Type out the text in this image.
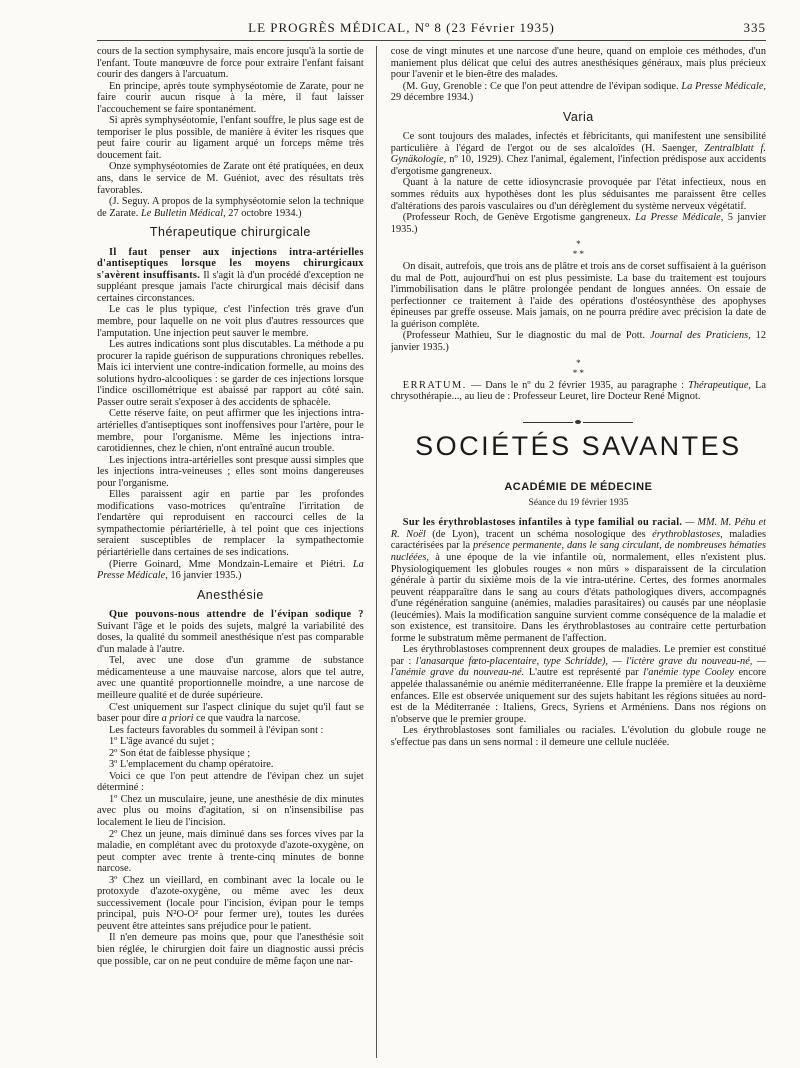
LE PROGRÈS MÉDICAL, Nº 8 (23 Février 1935)	335

cours de la section symphysaire, mais encore jusqu'à la sortie de l'enfant. Toute manœuvre de force pour extraire l'enfant faisant courir des dangers à l'arcuatum.

En principe, après toute symphyséotomie de Zarate, pour ne faire courir aucun risque à la mère, il faut laisser l'accouchement se faire spontanément.

Si après symphyséotomie, l'enfant souffre, le plus sage est de temporiser le plus possible, de manière à éviter les risques que peut faire courir au ligament arqué un forceps même très doucement fait.

Onze symphyséotomies de Zarate ont été pratiquées, en deux ans, dans le service de M. Guéniot, avec des résultats très favorables.

(J. Seguy. A propos de la symphyséotomie selon la technique de Zarate. Le Bulletin Médical, 27 octobre 1934.)

Thérapeutique chirurgicale

Il faut penser aux injections intra-artérielles d'antiseptiques lorsque les moyens chirurgicaux s'avèrent insuffisants. Il s'agit là d'un procédé d'exception ne suppléant presque jamais l'acte chirurgical mais décisif dans certaines circonstances.

Le cas le plus typique, c'est l'infection très grave d'un membre, pour laquelle on ne voit plus d'autres ressources que l'amputation. Une injection peut sauver le membre.

Les autres indications sont plus discutables. La méthode a pu procurer la rapide guérison de suppurations chroniques rebelles. Mais ici intervient une contre-indication formelle, au moins des solutions hydro-alcooliques : se garder de ces injections lorsque l'indice oscillométrique est abaissé par rapport au côté sain. Passer outre serait s'exposer à des accidents de sphacèle.

Cette réserve faite, on peut affirmer que les injections intra-artérielles d'antiseptiques sont inoffensives pour l'artère, pour le membre, pour l'organisme. Même les injections intra-carotidiennes, chez le chien, n'ont entraîné aucun trouble.

Les injections intra-artérielles sont presque aussi simples que les injections intra-veineuses ; elles sont moins dangereuses pour l'organisme.

Elles paraissent agir en partie par les profondes modifications vaso-motrices qu'entraîne l'irritation de l'endartère qui reproduisent en raccourci celles de la sympathectomie périartérielle, à tel point que ces injections seraient susceptibles de remplacer la sympathectomie périartérielle dans certaines de ses indications.

(Pierre Goinard, Mme Mondzain-Lemaire et Piétri. La Presse Médicale, 16 janvier 1935.)

Anesthésie

Que pouvons-nous attendre de l'évipan sodique ? Suivant l'âge et le poids des sujets, malgré la variabilité des doses, la qualité du sommeil anesthésique n'est pas comparable d'un malade à l'autre.

Tel, avec une dose d'un gramme de substance médicamenteuse a une mauvaise narcose, alors que tel autre, avec une quantité proportionnelle moindre, a une narcose de meilleure qualité et de durée supérieure.

C'est uniquement sur l'aspect clinique du sujet qu'il faut se baser pour dire a priori ce que vaudra la narcose.

Les facteurs favorables du sommeil à l'évipan sont :

1º L'âge avancé du sujet ;

2º Son état de faiblesse physique ;

3º L'emplacement du champ opératoire.

Voici ce que l'on peut attendre de l'évipan chez un sujet déterminé :

1º Chez un musculaire, jeune, une anesthésie de dix minutes avec plus ou moins d'agitation, si on n'insensibilise pas localement le lieu de l'incision.

2º Chez un jeune, mais diminué dans ses forces vives par la maladie, en complétant avec du protoxyde d'azote-oxygène, on peut compter avec trente à trente-cinq minutes de bonne narcose.

3º Chez un vieillard, en combinant avec la locale ou le protoxyde d'azote-oxygène, ou même avec les deux successivement (locale pour l'incision, évipan pour le temps principal, puis N²O-O² pour fermer ure), toutes les durées peuvent être atteintes sans préjudice pour le patient.

Il n'en demeure pas moins que, pour que l'anesthésie soit bien réglée, le chirurgien doit faire un diagnostic aussi précis que possible, car on ne peut conduire de même façon une nar-

cose de vingt minutes et une narcose d'une heure, quand on emploie ces méthodes, d'un maniement plus délicat que celui des autres anesthésiques généraux, mais plus précieux pour l'avenir et le bien-être des malades.

(M. Guy, Grenoble : Ce que l'on peut attendre de l'évipan sodique. La Presse Médicale, 29 décembre 1934.)

Varia

Ce sont toujours des malades, infectés et fébricitants, qui manifestent une sensibilité particulière à l'égard de l'ergot ou de ses alcaloïdes (H. Saenger, Zentralblatt f. Gynäkologie, nº 10, 1929). Chez l'animal, également, l'infection prédispose aux accidents d'ergotisme gangreneux.

Quant à la nature de cette idiosyncrasie provoquée par l'état infectieux, nous en sommes réduits aux hypothèses dont les plus séduisantes me paraissent être celles d'altérations des parois vasculaires ou d'un dérèglement du système nerveux végétatif.

(Professeur Roch, de Genève Ergotisme gangreneux. La Presse Médicale, 5 janvier 1935.)

*
* *

On disait, autrefois, que trois ans de plâtre et trois ans de corset suffisaient à la guérison du mal de Pott, aujourd'hui on est plus pessimiste. La base du traitement est toujours l'immobilisation dans le plâtre prolongée pendant de longues années. On essaie de perfectionner ce traitement à l'aide des opérations d'ostéosynthèse des apophyses épineuses par greffe osseuse. Mais jamais, on ne pourra prédire avec précision la date de la guérison complète.

(Professeur Mathieu, Sur le diagnostic du mal de Pott. Journal des Praticiens, 12 janvier 1935.)

*
* *

ERRATUM. — Dans le nº du 2 février 1935, au paragraphe : Thérapeutique, La chrysothérapie..., au lieu de : Professeur Leuret, lire Docteur René Mignot.

SOCIÉTÉS SAVANTES
ACADÉMIE DE MÉDECINE
Séance du 19 février 1935

Sur les érythroblastoses infantiles à type familial ou racial. — MM. M. Péhu et R. Noël (de Lyon), tracent un schéma nosologique des érythroblastoses, maladies caractérisées par la présence permanente, dans le sang circulant, de nombreuses hématies nucléées, à une époque de la vie infantile où, normalement, elles n'existent plus. Physiologiquement les globules rouges « non mûrs » disparaissent de la circulation générale à partir du sixième mois de la vie intra-utérine. Certes, des formes anormales peuvent réapparaître dans le sang au cours d'états pathologiques divers, accompagnés d'une régénération sanguine (anémies, maladies parasitaires) ou causés par une néoplasie (leucémies). Mais la modification sanguine survient comme conséquence de la maladie et son existence, est transitoire. Dans les érythroblastoses au contraire cette perturbation forme le substratum même permanent de l'affection.

Les érythroblastoses comprennent deux groupes de maladies. Le premier est constitué par : l'anasarque fœto-placentaire, type Schridde), — l'ictère grave du nouveau-né, — l'anémie grave du nouveau-né. L'autre est représenté par l'anémie type Cooley encore appelée thalassanémie ou anémie méditerranéenne. Elle frappe la première et la deuxième enfances. Elle est observée uniquement sur des sujets habitant les régions situées au nord-est de la Méditerranée : Italiens, Grecs, Syriens et Arméniens. Dans nos régions on n'observe que le premier groupe.

Les érythroblastoses sont familiales ou raciales. L'évolution du globule rouge ne s'effectue pas dans un sens normal : il demeure une cellule nucléée.
